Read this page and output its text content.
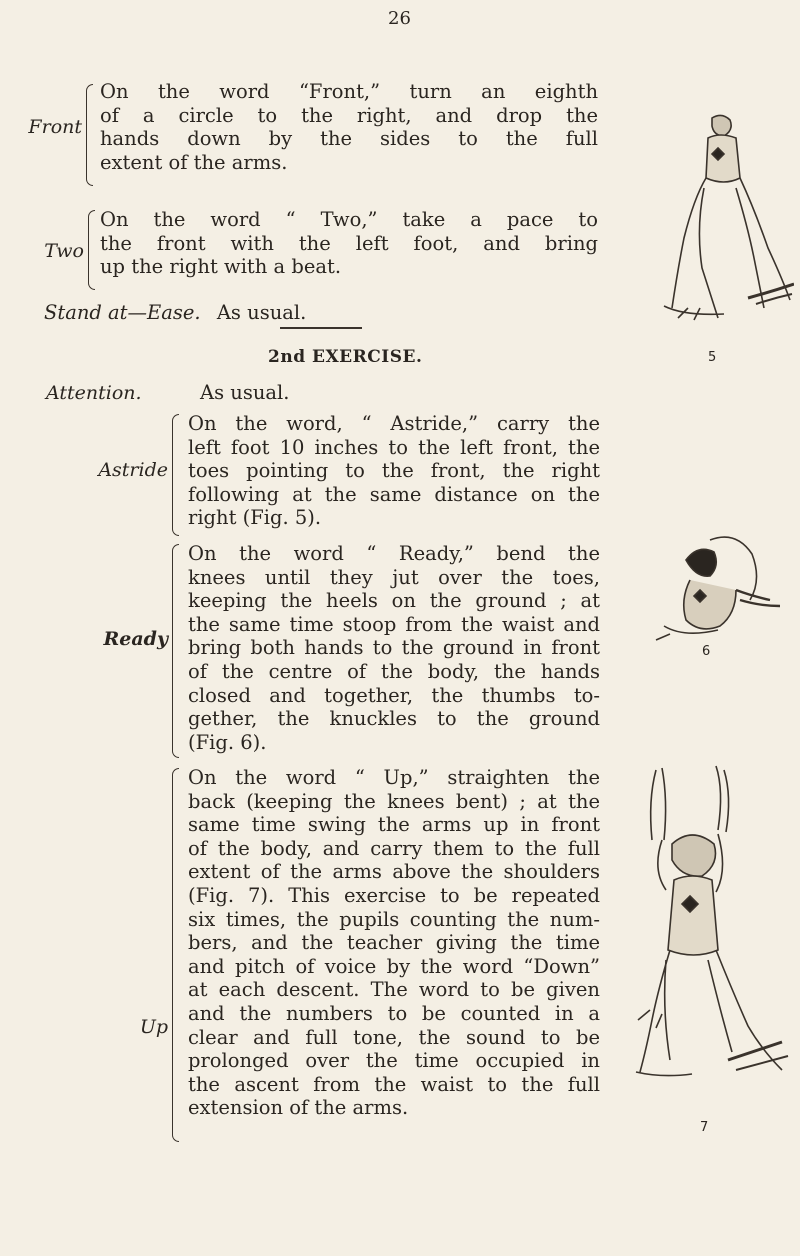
26
Front
On the word “Front,” turn an eighth
of a circle to the right, and drop the
hands down by the sides to the full
extent of the arms.
Two
On the word “ Two,” take a pace to
the front with the left foot, and bring
up the right with a beat.
Stand at—Ease. As usual.
2nd EXERCISE.
Attention.	As usual.
Astride
On the word, “ Astride,” carry the
left foot 10 inches to the left front, the
toes pointing to the front, the right
following at the same distance on the
right (Fig. 5).
Ready
On the word “ Ready,” bend the
knees until they jut over the toes,
keeping the heels on the ground ; at
the same time stoop from the waist and
bring both hands to the ground in front
of the centre of the body, the hands
closed and together, the thumbs to-
gether, the knuckles to the ground
(Fig. 6).
Up
On the word “ Up,” straighten the
back (keeping the knees bent) ; at the
same time swing the arms up in front
of the body, and carry them to the full
extent of the arms above the shoulders
(Fig. 7). This exercise to be repeated
six times, the pupils counting the num-
bers, and the teacher giving the time
and pitch of voice by the word “Down”
at each descent. The word to be given
and the numbers to be counted in a
clear and full tone, the sound to be
prolonged over the time occupied in
the ascent from the waist to the full
extension of the arms.
5
6
7
